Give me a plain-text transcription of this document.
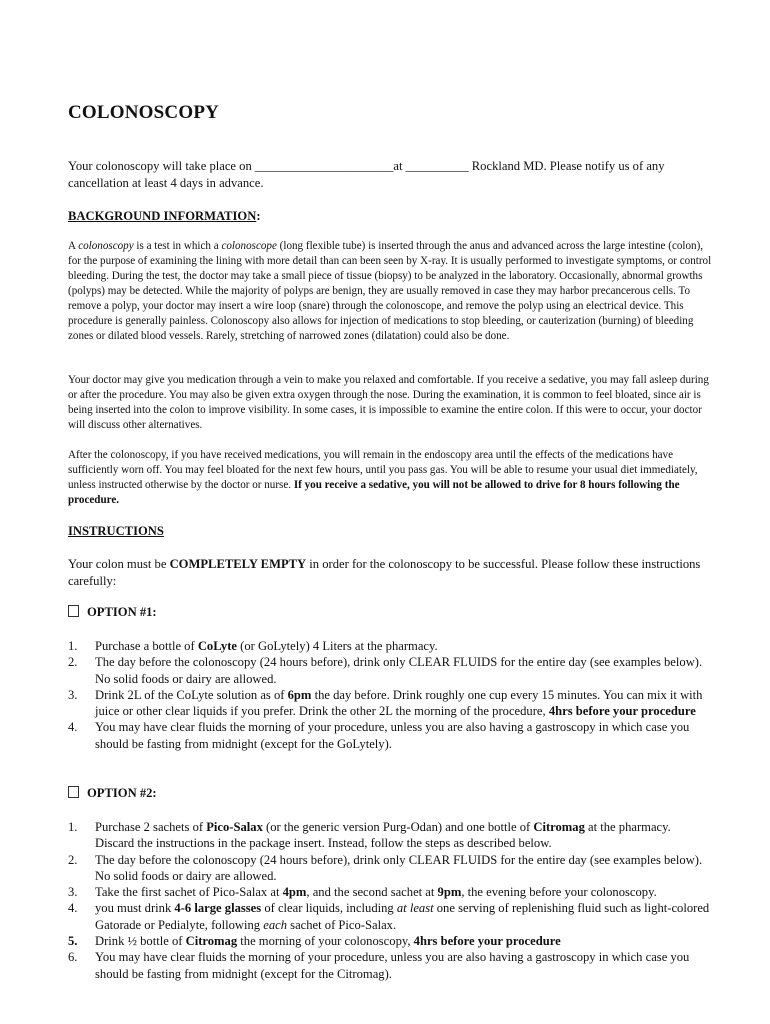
COLONOSCOPY
Your colonoscopy will take place on ______________________at __________ Rockland MD. Please notify us of any cancellation at least 4 days in advance.
BACKGROUND INFORMATION:
A colonoscopy is a test in which a colonoscope (long flexible tube) is inserted through the anus and advanced across the large intestine (colon), for the purpose of examining the lining with more detail than can been seen by X-ray. It is usually performed to investigate symptoms, or control bleeding. During the test, the doctor may take a small piece of tissue (biopsy) to be analyzed in the laboratory. Occasionally, abnormal growths (polyps) may be detected. While the majority of polyps are benign, they are usually removed in case they may harbor precancerous cells. To remove a polyp, your doctor may insert a wire loop (snare) through the colonoscope, and remove the polyp using an electrical device. This procedure is generally painless. Colonoscopy also allows for injection of medications to stop bleeding, or cauterization (burning) of bleeding zones or dilated blood vessels. Rarely, stretching of narrowed zones (dilatation) could also be done.
Your doctor may give you medication through a vein to make you relaxed and comfortable. If you receive a sedative, you may fall asleep during or after the procedure. You may also be given extra oxygen through the nose. During the examination, it is common to feel bloated, since air is being inserted into the colon to improve visibility. In some cases, it is impossible to examine the entire colon. If this were to occur, your doctor will discuss other alternatives.
After the colonoscopy, if you have received medications, you will remain in the endoscopy area until the effects of the medications have sufficiently worn off. You may feel bloated for the next few hours, until you pass gas. You will be able to resume your usual diet immediately, unless instructed otherwise by the doctor or nurse. If you receive a sedative, you will not be allowed to drive for 8 hours following the procedure.
INSTRUCTIONS
Your colon must be COMPLETELY EMPTY in order for the colonoscopy to be successful. Please follow these instructions carefully:
OPTION #1:
1. Purchase a bottle of CoLyte (or GoLytely) 4 Liters at the pharmacy.
2. The day before the colonoscopy (24 hours before), drink only CLEAR FLUIDS for the entire day (see examples below). No solid foods or dairy are allowed.
3. Drink 2L of the CoLyte solution as of 6pm the day before. Drink roughly one cup every 15 minutes. You can mix it with juice or other clear liquids if you prefer. Drink the other 2L the morning of the procedure, 4hrs before your procedure
4. You may have clear fluids the morning of your procedure, unless you are also having a gastroscopy in which case you should be fasting from midnight (except for the GoLytely).
OPTION #2:
1. Purchase 2 sachets of Pico-Salax (or the generic version Purg-Odan) and one bottle of Citromag at the pharmacy. Discard the instructions in the package insert. Instead, follow the steps as described below.
2. The day before the colonoscopy (24 hours before), drink only CLEAR FLUIDS for the entire day (see examples below). No solid foods or dairy are allowed.
3. Take the first sachet of Pico-Salax at 4pm, and the second sachet at 9pm, the evening before your colonoscopy.
4. you must drink 4-6 large glasses of clear liquids, including at least one serving of replenishing fluid such as light-colored Gatorade or Pedialyte, following each sachet of Pico-Salax.
5. Drink ½ bottle of Citromag the morning of your colonoscopy, 4hrs before your procedure
6. You may have clear fluids the morning of your procedure, unless you are also having a gastroscopy in which case you should be fasting from midnight (except for the Citromag).
